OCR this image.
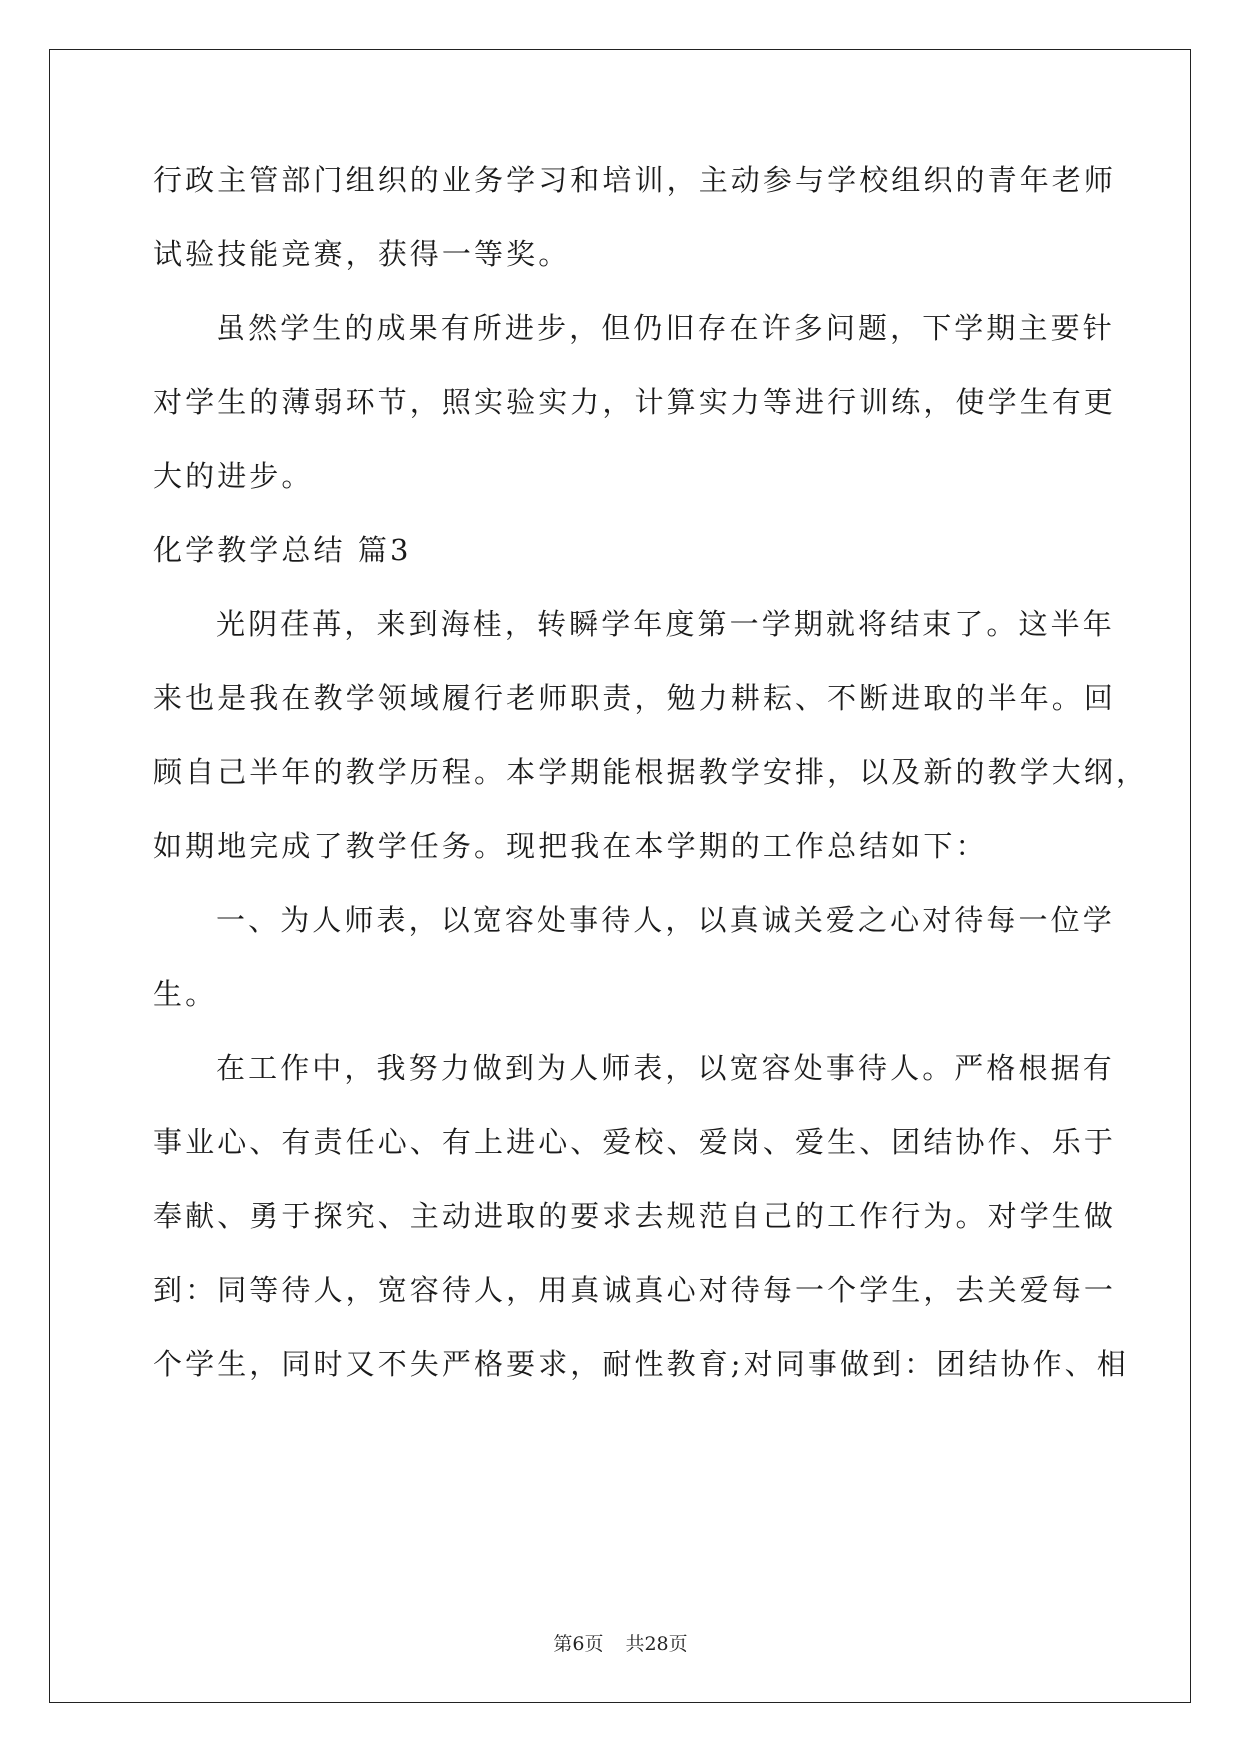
行政主管部门组织的业务学习和培训，主动参与学校组织的青年老师
试验技能竞赛，获得一等奖。
虽然学生的成果有所进步，但仍旧存在许多问题，下学期主要针
对学生的薄弱环节，照实验实力，计算实力等进行训练，使学生有更
大的进步。
化学教学总结 篇3
光阴荏苒，来到海桂，转瞬学年度第一学期就将结束了。这半年
来也是我在教学领域履行老师职责，勉力耕耘、不断进取的半年。回
顾自己半年的教学历程。本学期能根据教学安排，以及新的教学大纲，
如期地完成了教学任务。现把我在本学期的工作总结如下：
一、为人师表，以宽容处事待人，以真诚关爱之心对待每一位学
生。
在工作中，我努力做到为人师表，以宽容处事待人。严格根据有
事业心、有责任心、有上进心、爱校、爱岗、爱生、团结协作、乐于
奉献、勇于探究、主动进取的要求去规范自己的工作行为。对学生做
到：同等待人，宽容待人，用真诚真心对待每一个学生，去关爱每一
个学生，同时又不失严格要求，耐性教育;对同事做到：团结协作、相
第6页 共28页
